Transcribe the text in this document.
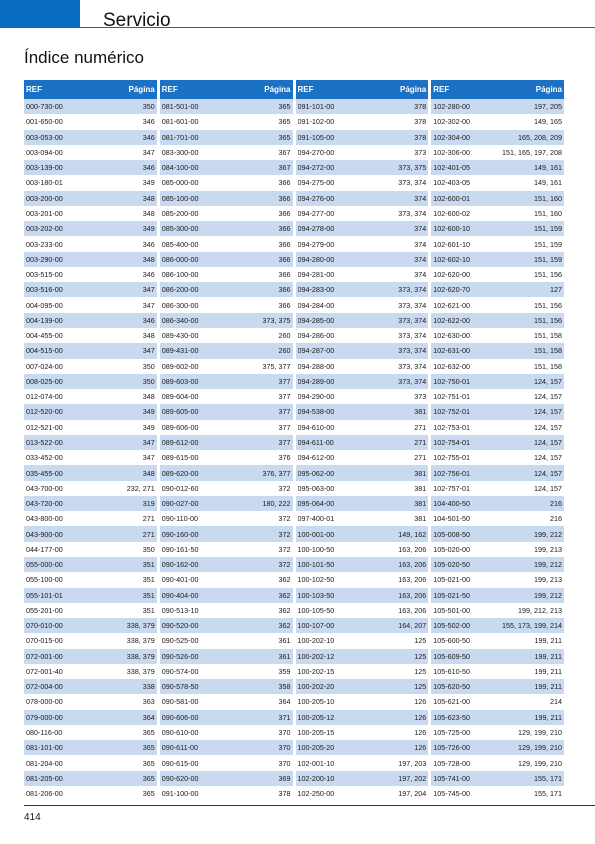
Servicio
Índice numérico
REF	Página
000-730-00	350
001-650-00	346
003-053-00	346
003-094-00	347
003-139-00	346
003-180-01	349
003-200-00	348
003-201-00	348
003-202-00	349
003-233-00	346
003-290-00	348
003-515-00	346
003-516-00	347
004-095-00	347
004-139-00	346
004-455-00	348
004-515-00	347
007-024-00	350
008-025-00	350
012-074-00	348
012-520-00	349
012-521-00	349
013-522-00	347
033-452-00	347
035-455-00	348
043-700-00	232, 271
043-720-00	319
043-800-00	271
043-900-00	271
044-177-00	350
055-000-00	351
055-100-00	351
055-101-01	351
055-201-00	351
070-010-00	338, 379
070-015-00	338, 379
072-001-00	338, 379
072-001-40	338, 379
072-004-00	338
078-000-00	363
079-000-00	364
080-116-00	365
081-101-00	365
081-204-00	365
081-205-00	365
081-206-00	365
REF	Página
081-501-00	365
081-601-00	365
081-701-00	365
083-300-00	367
084-100-00	367
085-000-00	366
085-100-00	366
085-200-00	366
085-300-00	366
085-400-00	366
086-000-00	366
086-100-00	366
086-200-00	366
086-300-00	366
086-340-00	373, 375
089-430-00	260
089-431-00	260
089-602-00	375, 377
089-603-00	377
089-604-00	377
089-605-00	377
089-606-00	377
089-612-00	377
089-615-00	376
089-620-00	376, 377
090-012-60	372
090-027-00	180, 222
090-110-00	372
090-160-00	372
090-161-50	372
090-162-00	372
090-401-00	362
090-404-00	362
090-513-10	362
090-520-00	362
090-525-00	361
090-526-00	361
090-574-00	359
090-578-50	358
090-581-00	364
090-606-00	371
090-610-00	370
090-611-00	370
090-615-00	370
090-620-00	369
091-100-00	378
REF	Página
091-101-00	378
091-102-00	378
091-105-00	378
094-270-00	373
094-272-00	373, 375
094-275-00	373, 374
094-276-00	374
094-277-00	373, 374
094-278-00	374
094-279-00	374
094-280-00	374
094-281-00	374
094-283-00	373, 374
094-284-00	373, 374
094-285-00	373, 374
094-286-00	373, 374
094-287-00	373, 374
094-288-00	373, 374
094-289-00	373, 374
094-290-00	373
094-538-00	381
094-610-00	271
094-611-00	271
094-612-00	271
095-062-00	381
095-063-00	381
095-064-00	381
097-400-01	381
100-001-00	149, 162
100-100-50	163, 206
100-101-50	163, 206
100-102-50	163, 206
100-103-50	163, 206
100-105-50	163, 206
100-107-00	164, 207
100-202-10	125
100-202-12	125
100-202-15	125
100-202-20	125
100-205-10	126
100-205-12	126
100-205-15	126
100-205-20	126
102-001-10	197, 203
102-200-10	197, 202
102-250-00	197, 204
REF	Página
102-280-00	197, 205
102-302-00	149, 165
102-304-00	165, 208, 209
102-306-00	151, 165, 197, 208
102-401-05	149, 161
102-403-05	149, 161
102-600-01	151, 160
102-600-02	151, 160
102-600-10	151, 159
102-601-10	151, 159
102-602-10	151, 159
102-620-00	151, 156
102-620-70	127
102-621-00	151, 156
102-622-00	151, 156
102-630-00	151, 158
102-631-00	151, 158
102-632-00	151, 158
102-750-01	124, 157
102-751-01	124, 157
102-752-01	124, 157
102-753-01	124, 157
102-754-01	124, 157
102-755-01	124, 157
102-756-01	124, 157
102-757-01	124, 157
104-400-50	216
104-501-50	216
105-008-50	199, 212
105-020-00	199, 213
105-020-50	199, 212
105-021-00	199, 213
105-021-50	199, 212
105-501-00	199, 212, 213
105-502-00	155, 173, 199, 214
105-600-50	199, 211
105-609-50	199, 211
105-610-50	199, 211
105-620-50	199, 211
105-621-00	214
105-623-50	199, 211
105-725-00	129, 199, 210
105-726-00	129, 199, 210
105-728-00	129, 199, 210
105-741-00	155, 171
105-745-00	155, 171
414
